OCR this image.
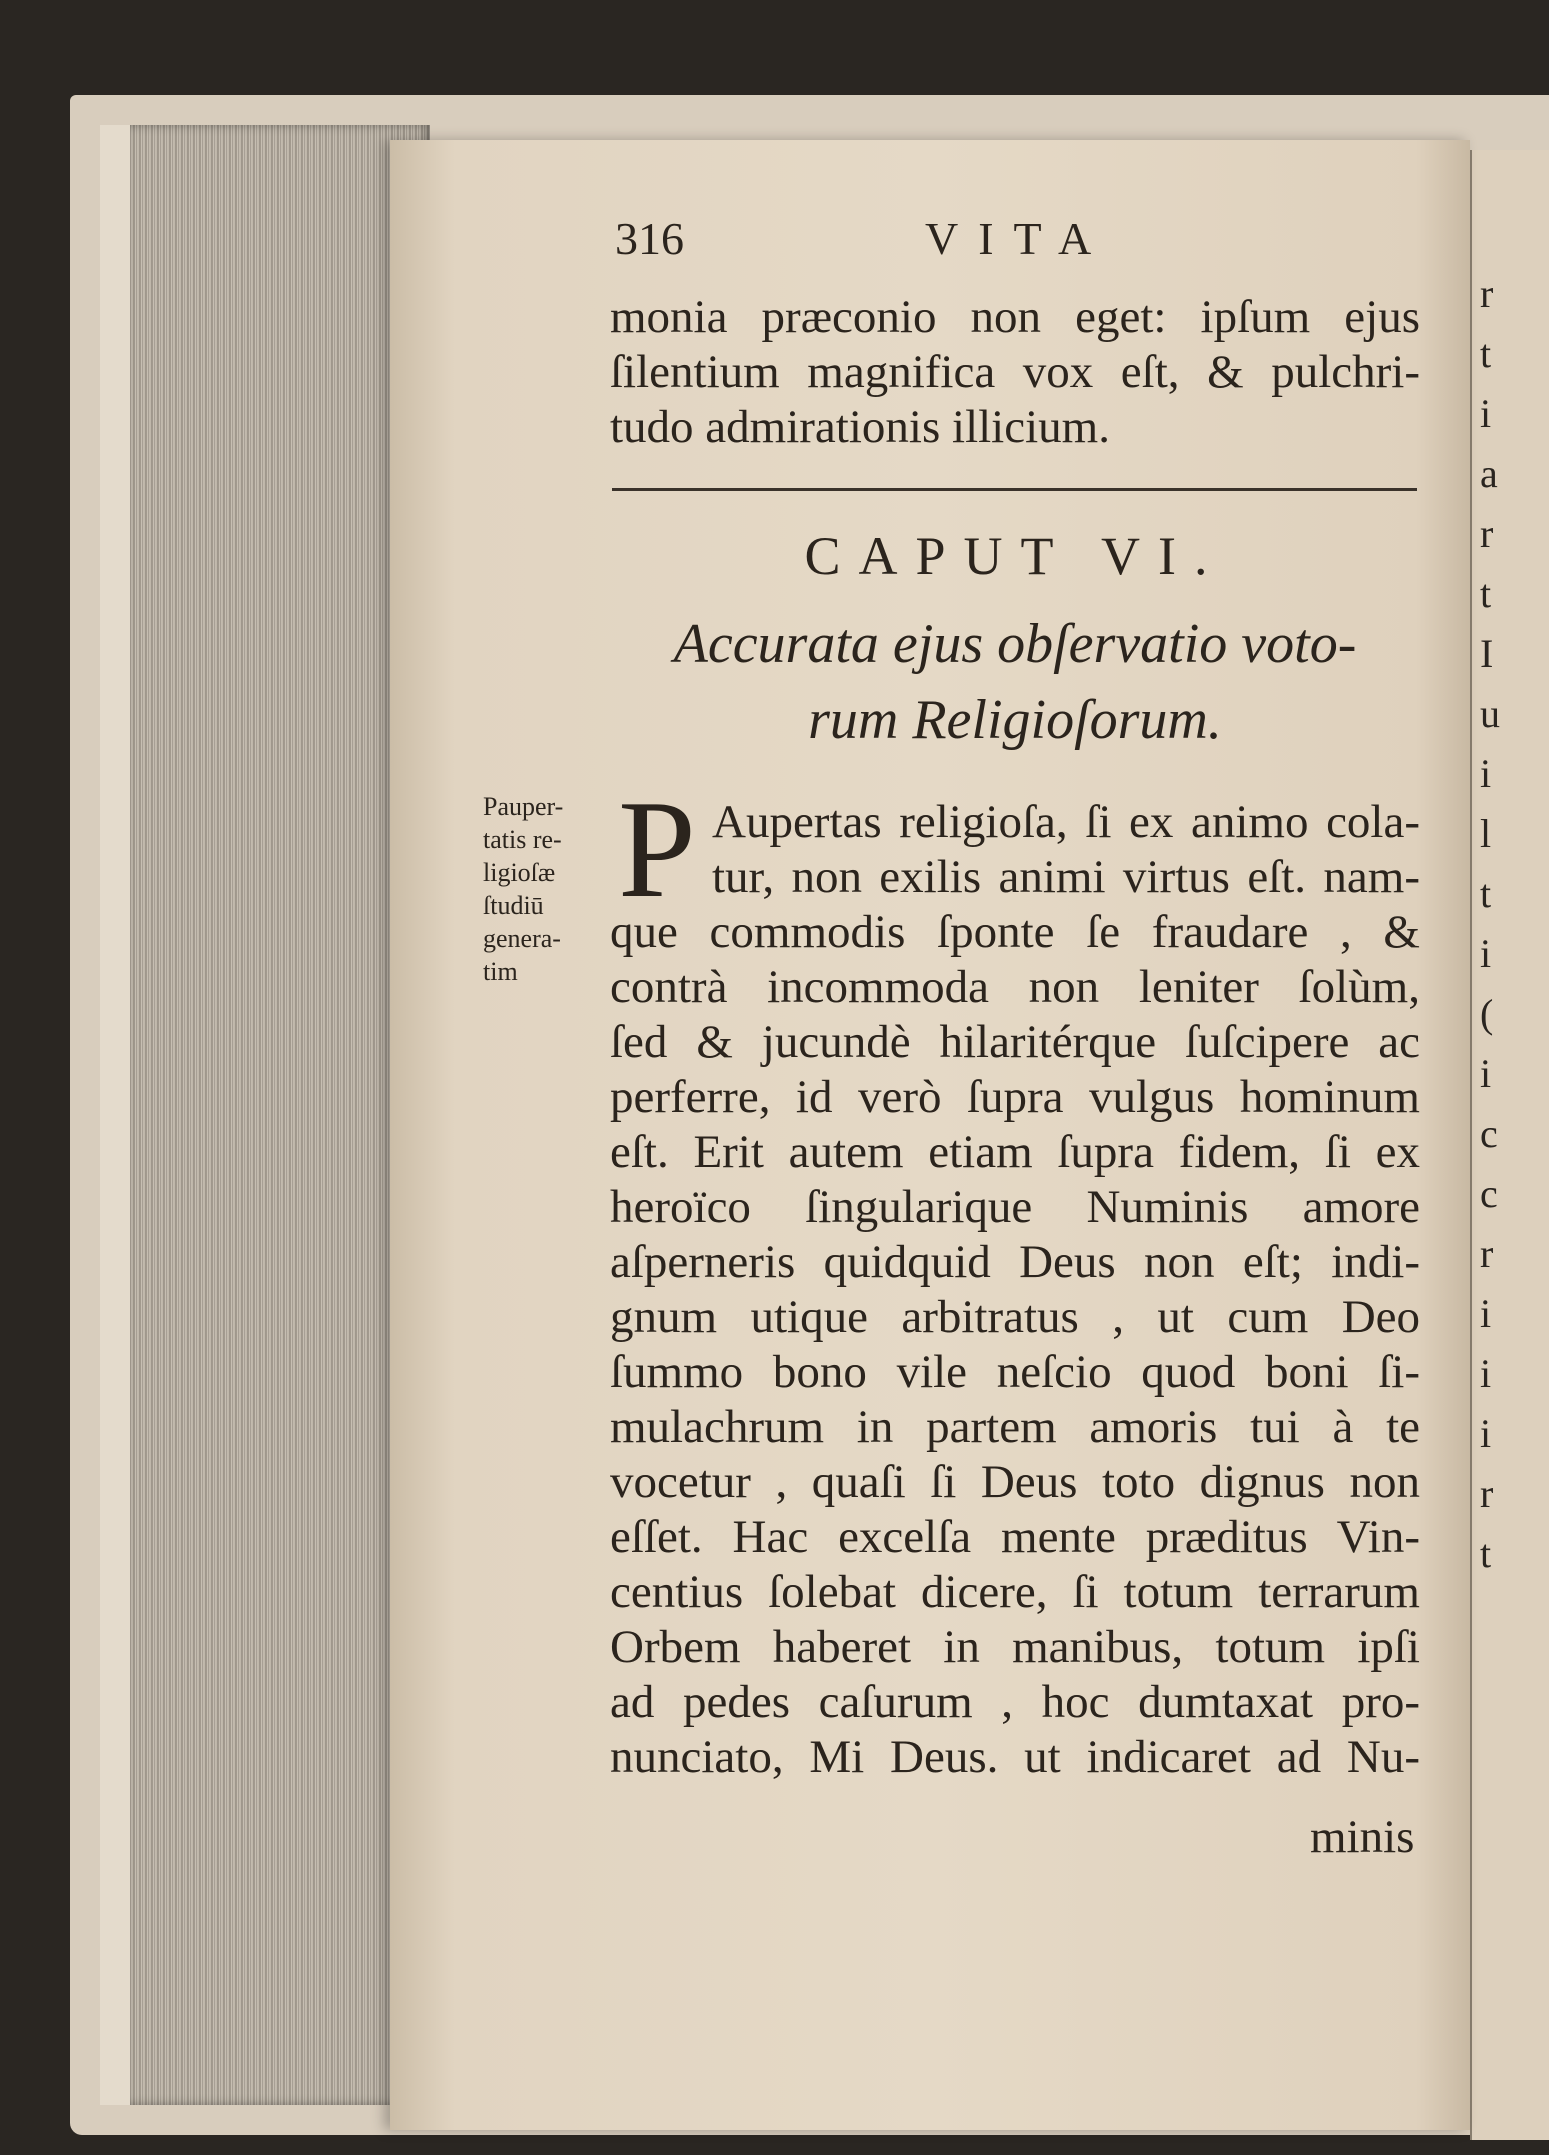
r
t
i
a
r
t
I
u
i
l
t
i
(
i
c
c
r
i
i
i
r
t
316	VITA
monia præconio non eget: ipſum ejus
ſilentium magnifica vox eſt, & pulchri-
tudo admirationis illicium.
CAPUT VI.
Accurata ejus obſervatio voto-
rum Religioſorum.
Pauper-
tatis re-
ligioſæ
ſtudiū
genera-
tim
P Aupertas religioſa, ſi ex animo cola-
tur, non exilis animi virtus eſt. nam-
que commodis ſponte ſe fraudare , &
contrà incommoda non leniter ſolùm,
ſed & jucundè hilaritérque ſuſcipere ac
perferre, id verò ſupra vulgus hominum
eſt. Erit autem etiam ſupra fidem, ſi ex
heroïco ſingularique Numinis amore
aſperneris quidquid Deus non eſt; indi-
gnum utique arbitratus , ut cum Deo
ſummo bono vile neſcio quod boni ſi-
mulachrum in partem amoris tui à te
vocetur , quaſi ſi Deus toto dignus non
eſſet. Hac excelſa mente præditus Vin-
centius ſolebat dicere, ſi totum terrarum
Orbem haberet in manibus, totum ipſi
ad pedes caſurum , hoc dumtaxat pro-
nunciato, Mi Deus. ut indicaret ad Nu-
minis
